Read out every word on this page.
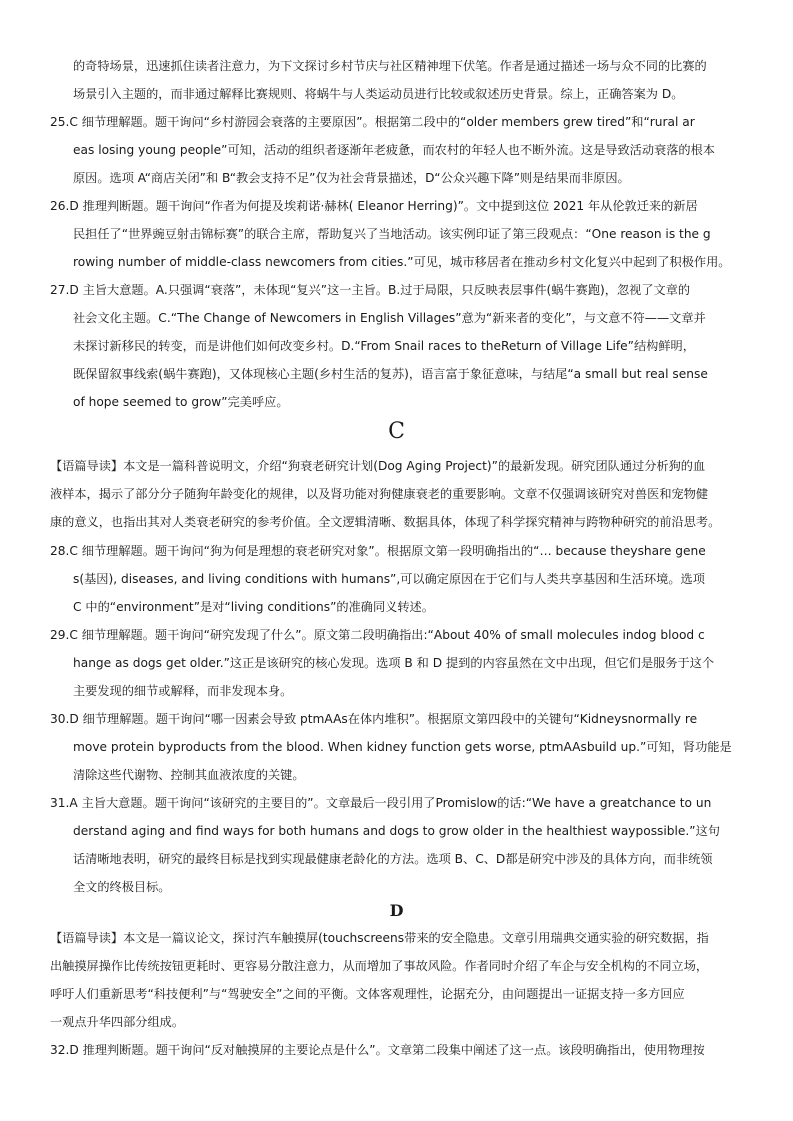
的奇特场景，迅速抓住读者注意力，为下文探讨乡村节庆与社区精神埋下伏笔。作者是通过描述一场与众不同的比赛的
场景引入主题的，而非通过解释比赛规则、将蜗牛与人类运动员进行比较或叙述历史背景。综上，正确答案为 D。
25.C 细节理解题。题干询问“乡村游园会衰落的主要原因”。根据第二段中的“older members grew tired”和“rural ar
eas losing young people”可知，活动的组织者逐渐年老疲惫，而农村的年轻人也不断外流。这是导致活动衰落的根本
原因。选项 A“商店关闭”和 B“教会支持不足”仅为社会背景描述，D“公众兴趣下降”则是结果而非原因。
26.D 推理判断题。题干询问“作者为何提及埃莉诺·赫林( Eleanor Herring)”。文中提到这位 2021 年从伦敦迁来的新居
民担任了“世界豌豆射击锦标赛”的联合主席，帮助复兴了当地活动。该实例印证了第三段观点：“One reason is the g
rowing number of middle-class newcomers from cities.”可见，城市移居者在推动乡村文化复兴中起到了积极作用。
27.D 主旨大意题。A.只强调“衰落”，未体现“复兴”这一主旨。B.过于局限，只反映表层事件(蜗牛赛跑)，忽视了文章的
社会文化主题。C.“The Change of Newcomers in English Villages”意为“新来者的变化”，与文意不符——文章并
未探讨新移民的转变，而是讲他们如何改变乡村。D.“From Snail races to theReturn of Village Life”结构鲜明，
既保留叙事线索(蜗牛赛跑)，又体现核心主题(乡村生活的复苏)，语言富于象征意味，与结尾“a small but real sense
of hope seemed to grow”完美呼应。
C
【语篇导读】本文是一篇科普说明文，介绍“狗衰老研究计划(Dog Aging Project)”的最新发现。研究团队通过分析狗的血
液样本，揭示了部分分子随狗年龄变化的规律，以及肾功能对狗健康衰老的重要影响。文章不仅强调该研究对兽医和宠物健
康的意义，也指出其对人类衰老研究的参考价值。全文逻辑清晰、数据具体，体现了科学探究精神与跨物种研究的前沿思考。
28.C 细节理解题。题干询问“狗为何是理想的衰老研究对象”。根据原文第一段明确指出的“… because theyshare gene
s(基因), diseases, and living conditions with humans”,可以确定原因在于它们与人类共享基因和生活环境。选项
C 中的“environment”是对“living conditions”的准确同义转述。
29.C 细节理解题。题干询问“研究发现了什么”。原文第二段明确指出:“About 40% of small molecules indog blood c
hange as dogs get older.”这正是该研究的核心发现。选项 B 和 D 提到的内容虽然在文中出现，但它们是服务于这个
主要发现的细节或解释，而非发现本身。
30.D 细节理解题。题干询问“哪一因素会导致 ptmAAs在体内堆积”。根据原文第四段中的关键句“Kidneysnormally re
move protein byproducts from the blood. When kidney function gets worse, ptmAAsbuild up.”可知，肾功能是
清除这些代谢物、控制其血液浓度的关键。
31.A 主旨大意题。题干询问“该研究的主要目的”。文章最后一段引用了Promislow的话:“We have a greatchance to un
derstand aging and find ways for both humans and dogs to grow older in the healthiest waypossible.”这句
话清晰地表明，研究的最终目标是找到实现最健康老龄化的方法。选项 B、C、D都是研究中涉及的具体方向，而非统领
全文的终极目标。
D
【语篇导读】本文是一篇议论文，探讨汽车触摸屏(touchscreens带来的安全隐患。文章引用瑞典交通实验的研究数据，指
出触摸屏操作比传统按钮更耗时、更容易分散注意力，从而增加了事故风险。作者同时介绍了车企与安全机构的不同立场，
呼吁人们重新思考“科技便利”与“驾驶安全”之间的平衡。文体客观理性，论据充分，由问题提出一证据支持一多方回应
一观点升华四部分组成。
32.D 推理判断题。题干询问“反对触摸屏的主要论点是什么”。文章第二段集中阐述了这一点。该段明确指出，使用物理按
